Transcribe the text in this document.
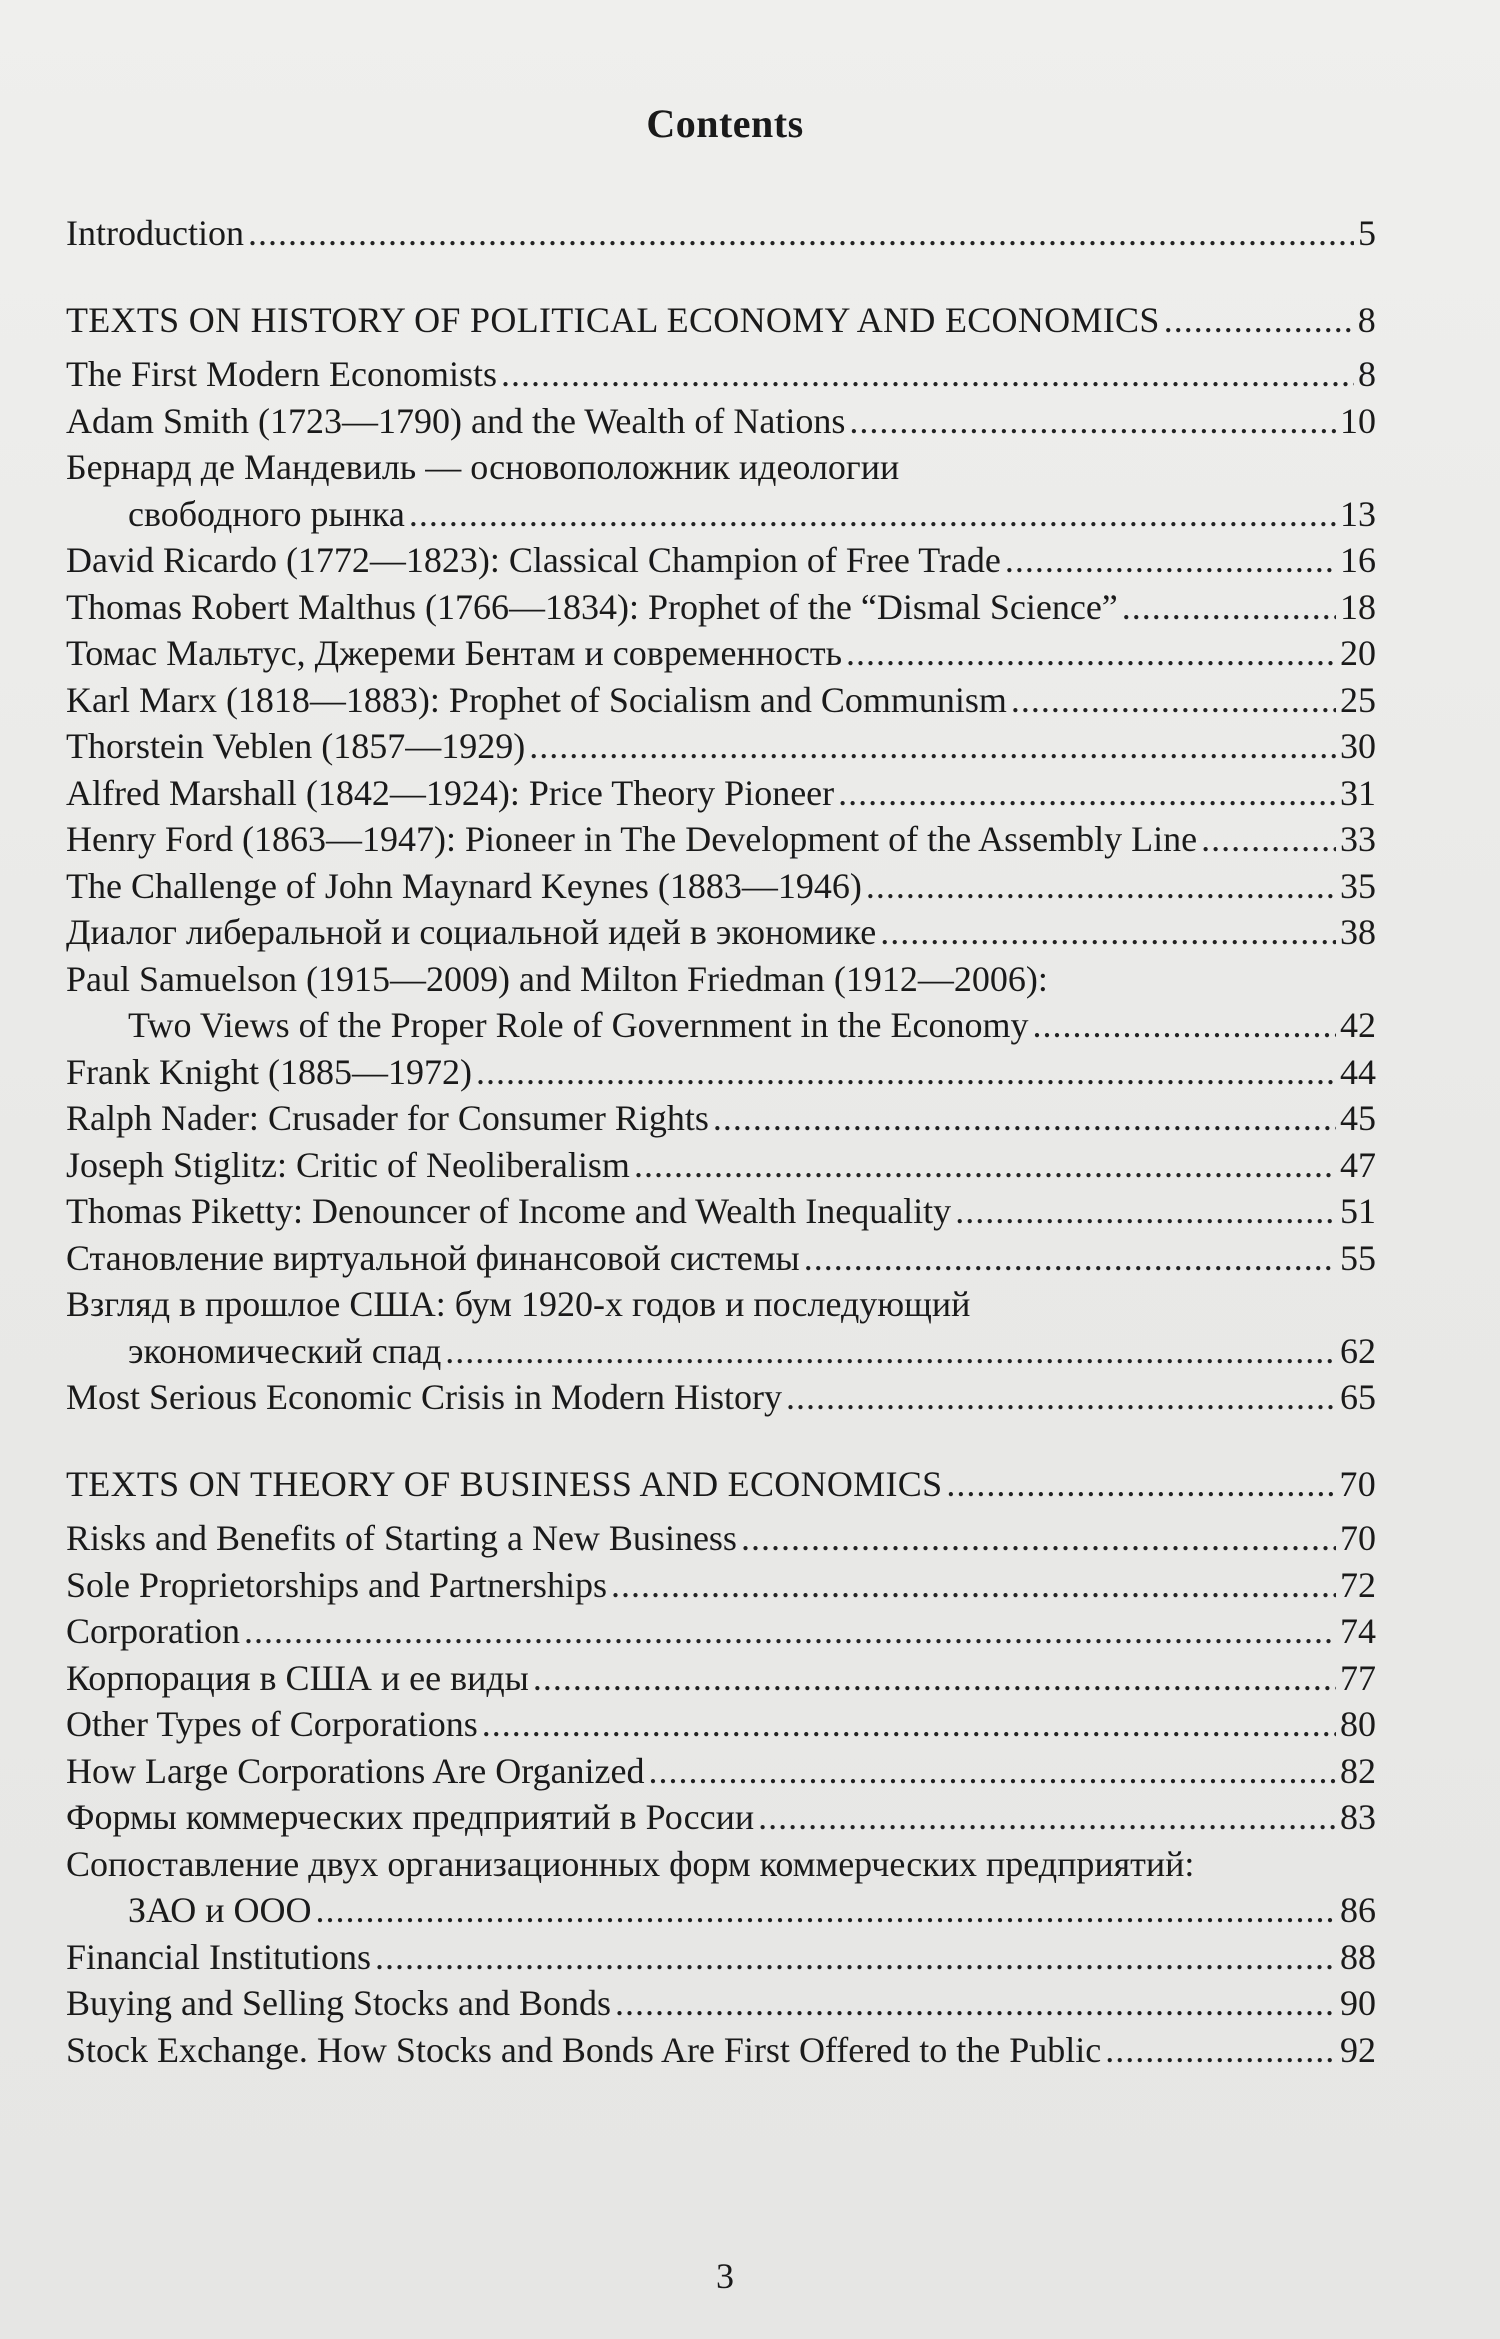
Contents
Introduction .....	5
TEXTS ON HISTORY OF POLITICAL ECONOMY AND ECONOMICS .....	8
The First Modern Economists .....	8
Adam Smith (1723—1790) and the Wealth of Nations .....	10
Бернард де Мандевиль — основоположник идеологии
свободного рынка .....	13
David Ricardo (1772—1823): Classical Champion of Free Trade .....	16
Thomas Robert Malthus (1766—1834): Prophet of the “Dismal Science” .....	18
Томас Мальтус, Джереми Бентам и современность .....	20
Karl Marx (1818—1883): Prophet of Socialism and Communism .....	25
Thorstein Veblen (1857—1929) .....	30
Alfred Marshall (1842—1924): Price Theory Pioneer .....	31
Henry Ford (1863—1947): Pioneer in The Development of the Assembly Line .....	33
The Challenge of John Maynard Keynes (1883—1946) .....	35
Диалог либеральной и социальной идей в экономике .....	38
Paul Samuelson (1915—2009) and Milton Friedman (1912—2006):
Two Views of the Proper Role of Government in the Economy .....	42
Frank Knight (1885—1972) .....	44
Ralph Nader: Crusader for Consumer Rights .....	45
Joseph Stiglitz: Critic of Neoliberalism .....	47
Thomas Piketty: Denouncer of Income and Wealth Inequality .....	51
Становление виртуальной финансовой системы .....	55
Взгляд в прошлое США: бум 1920-х годов и последующий
экономический спад .....	62
Most Serious Economic Crisis in Modern History .....	65
TEXTS ON THEORY OF BUSINESS AND ECONOMICS .....	70
Risks and Benefits of Starting a New Business .....	70
Sole Proprietorships and Partnerships .....	72
Corporation .....	74
Корпорация в США и ее виды .....	77
Other Types of Corporations .....	80
How Large Corporations Are Organized .....	82
Формы коммерческих предприятий в России .....	83
Сопоставление двух организационных форм коммерческих предприятий:
ЗАО и ООО .....	86
Financial Institutions .....	88
Buying and Selling Stocks and Bonds .....	90
Stock Exchange. How Stocks and Bonds Are First Offered to the Public .....	92
3
